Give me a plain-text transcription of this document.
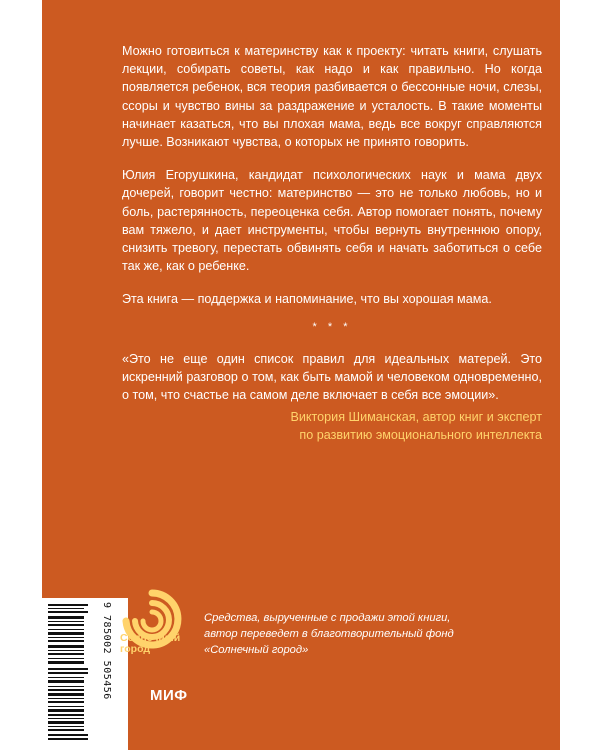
Можно готовиться к материнству как к проекту: читать книги, слушать лекции, собирать советы, как надо и как правильно. Но когда появляется ребенок, вся теория разбивается о бессонные ночи, слезы, ссоры и чувство вины за раздражение и усталость. В такие моменты начинает казаться, что вы плохая мама, ведь все вокруг справляются лучше. Возникают чувства, о которых не принято говорить.

Юлия Егорушкина, кандидат психологических наук и мама двух дочерей, говорит честно: материнство — это не только любовь, но и боль, растерянность, переоценка себя. Автор помогает понять, почему вам тяжело, и дает инструменты, чтобы вернуть внутреннюю опору, снизить тревогу, перестать обвинять себя и начать заботиться о себе так же, как о ребенке.

Эта книга — поддержка и напоминание, что вы хорошая мама.

* * *

«Это не еще один список правил для идеальных матерей. Это искренний разговор о том, как быть мамой и человеком одновременно, о том, что счастье на самом деле включает в себя все эмоции».

Виктория Шиманская, автор книг и эксперт
по развитию эмоционального интеллекта
9 785002 505456 Солнечный
город
Средства, вырученные с продажи этой книги,
автор переведет в благотворительный фонд
«Солнечный город»
МИФ
